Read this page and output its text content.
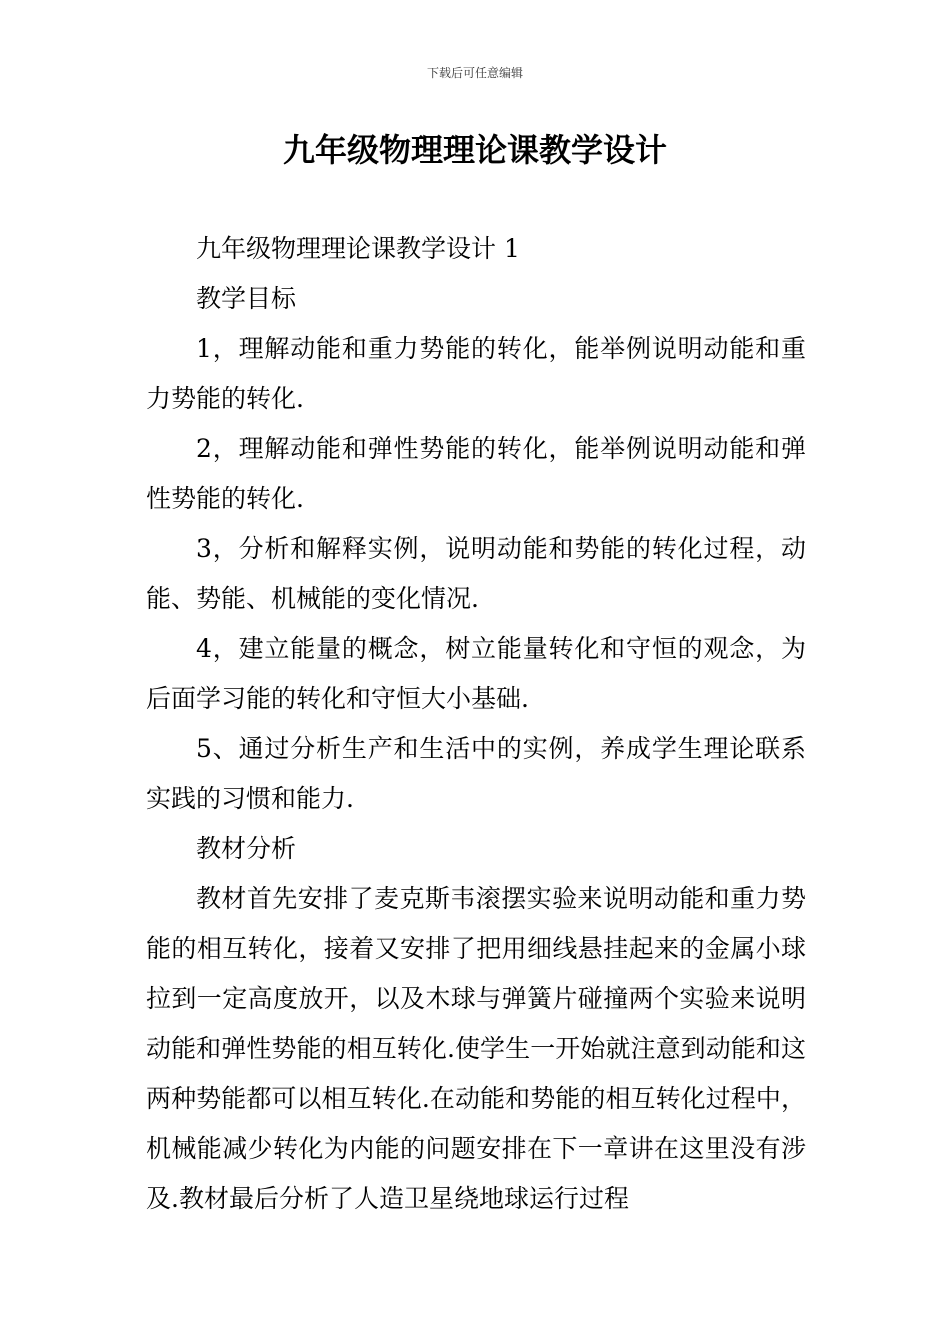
下载后可任意编辑
九年级物理理论课教学设计

九年级物理理论课教学设计 1

教学目标

1，理解动能和重力势能的转化，能举例说明动能和重力势能的转化.

2，理解动能和弹性势能的转化，能举例说明动能和弹性势能的转化.

3，分析和解释实例，说明动能和势能的转化过程，动能、势能、机械能的变化情况.

4，建立能量的概念，树立能量转化和守恒的观念，为后面学习能的转化和守恒大小基础.

5、通过分析生产和生活中的实例，养成学生理论联系实践的习惯和能力.

教材分析

教材首先安排了麦克斯韦滚摆实验来说明动能和重力势能的相互转化，接着又安排了把用细线悬挂起来的金属小球拉到一定高度放开，以及木球与弹簧片碰撞两个实验来说明动能和弹性势能的相互转化.使学生一开始就注意到动能和这两种势能都可以相互转化.在动能和势能的相互转化过程中，机械能减少转化为内能的问题安排在下一章讲在这里没有涉及.教材最后分析了人造卫星绕地球运行过程
